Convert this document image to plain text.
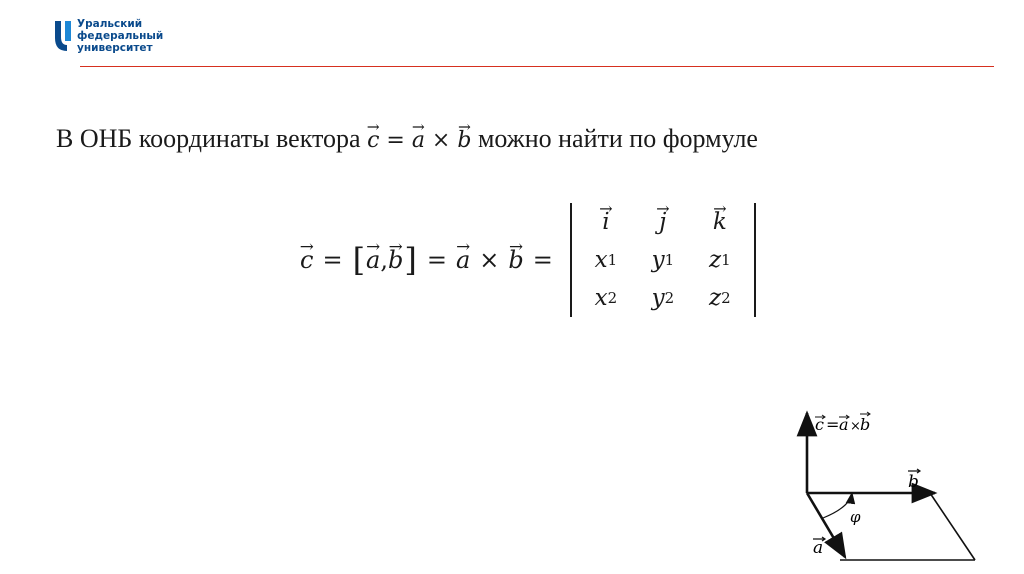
Уральский
федеральный
университет
В ОНБ координаты вектора → c = → a × → b можно найти по формуле
→ c = [ → a , → b ] = → a × → b =
→ i → j → k
x 1 y 1 z 1
x 2 y 2 z 2
c = a × b
b
a
φ
